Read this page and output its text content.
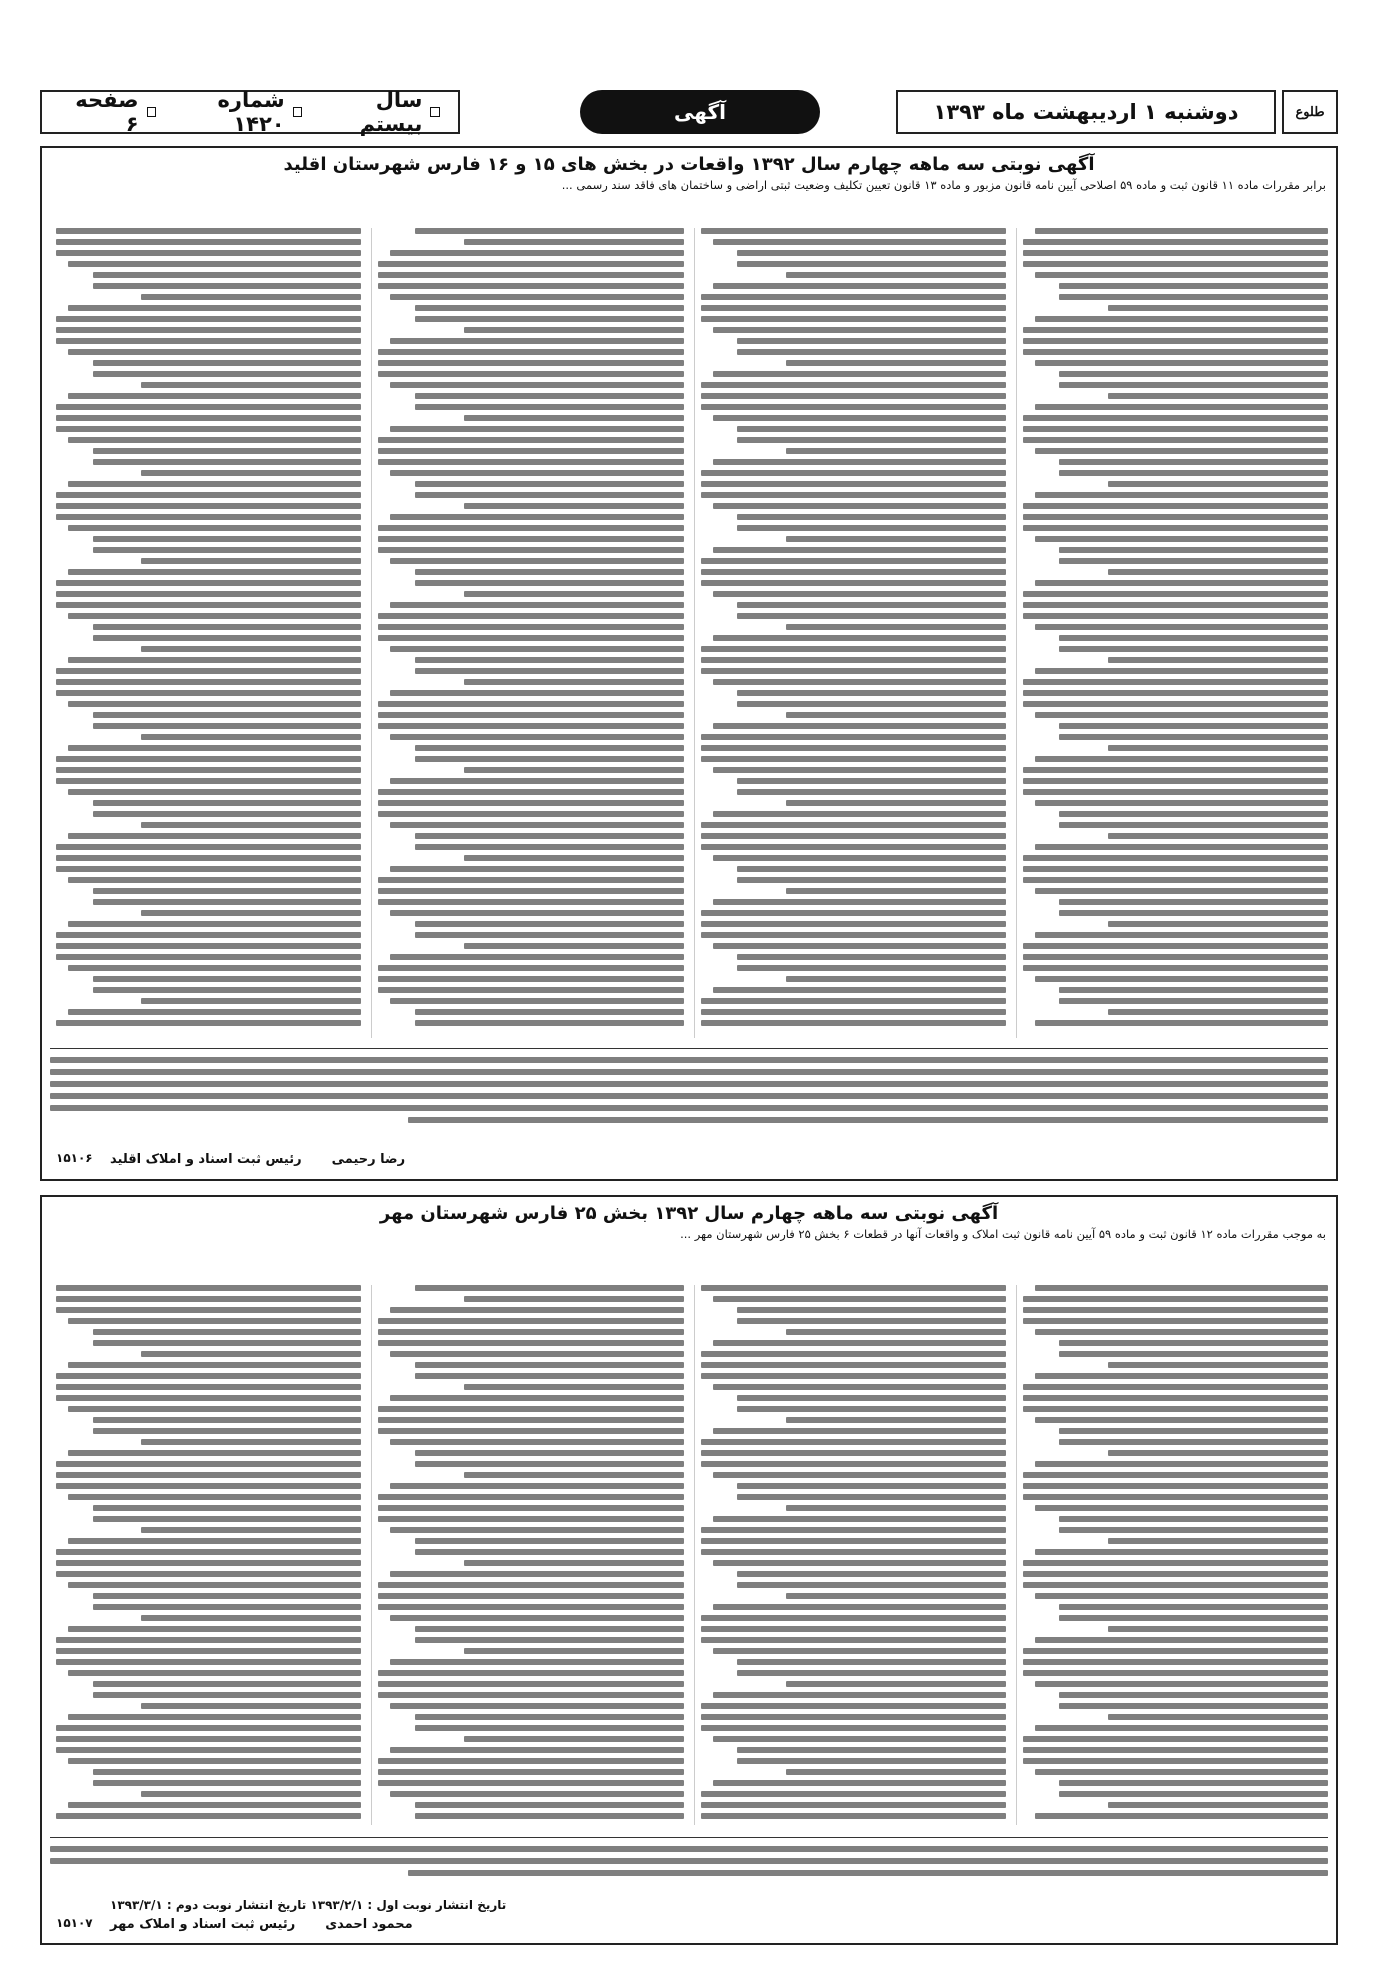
طلوع
دوشنبه ۱ اردیبهشت ماه ۱۳۹۳
آگهی
سال بیستم
شماره ۱۴۲۰
صفحه ۶
آگهی نوبتی سه ماهه چهارم سال ۱۳۹۲ واقعات در بخش های ۱۵ و ۱۶ فارس شهرستان اقلید
برابر مقررات ماده ۱۱ قانون ثبت و ماده ۵۹ اصلاحی آیین نامه قانون مزبور و ماده ۱۳ قانون تعیین تکلیف وضعیت ثبتی اراضی و ساختمان های فاقد سند رسمی ...
رضا رحیمی
رئیس ثبت اسناد و املاک اقلید
۱۵۱۰۶
آگهی نوبتی سه ماهه چهارم سال ۱۳۹۲ بخش ۲۵ فارس شهرستان مهر
به موجب مقررات ماده ۱۲ قانون ثبت و ماده ۵۹ آیین نامه قانون ثبت املاک و واقعات آنها در قطعات ۶ بخش ۲۵ فارس شهرستان مهر ...
تاریخ انتشار نوبت اول : ۱۳۹۳/۲/۱ تاریخ انتشار نوبت دوم : ۱۳۹۳/۳/۱
محمود احمدی
رئیس ثبت اسناد و املاک مهر
۱۵۱۰۷
